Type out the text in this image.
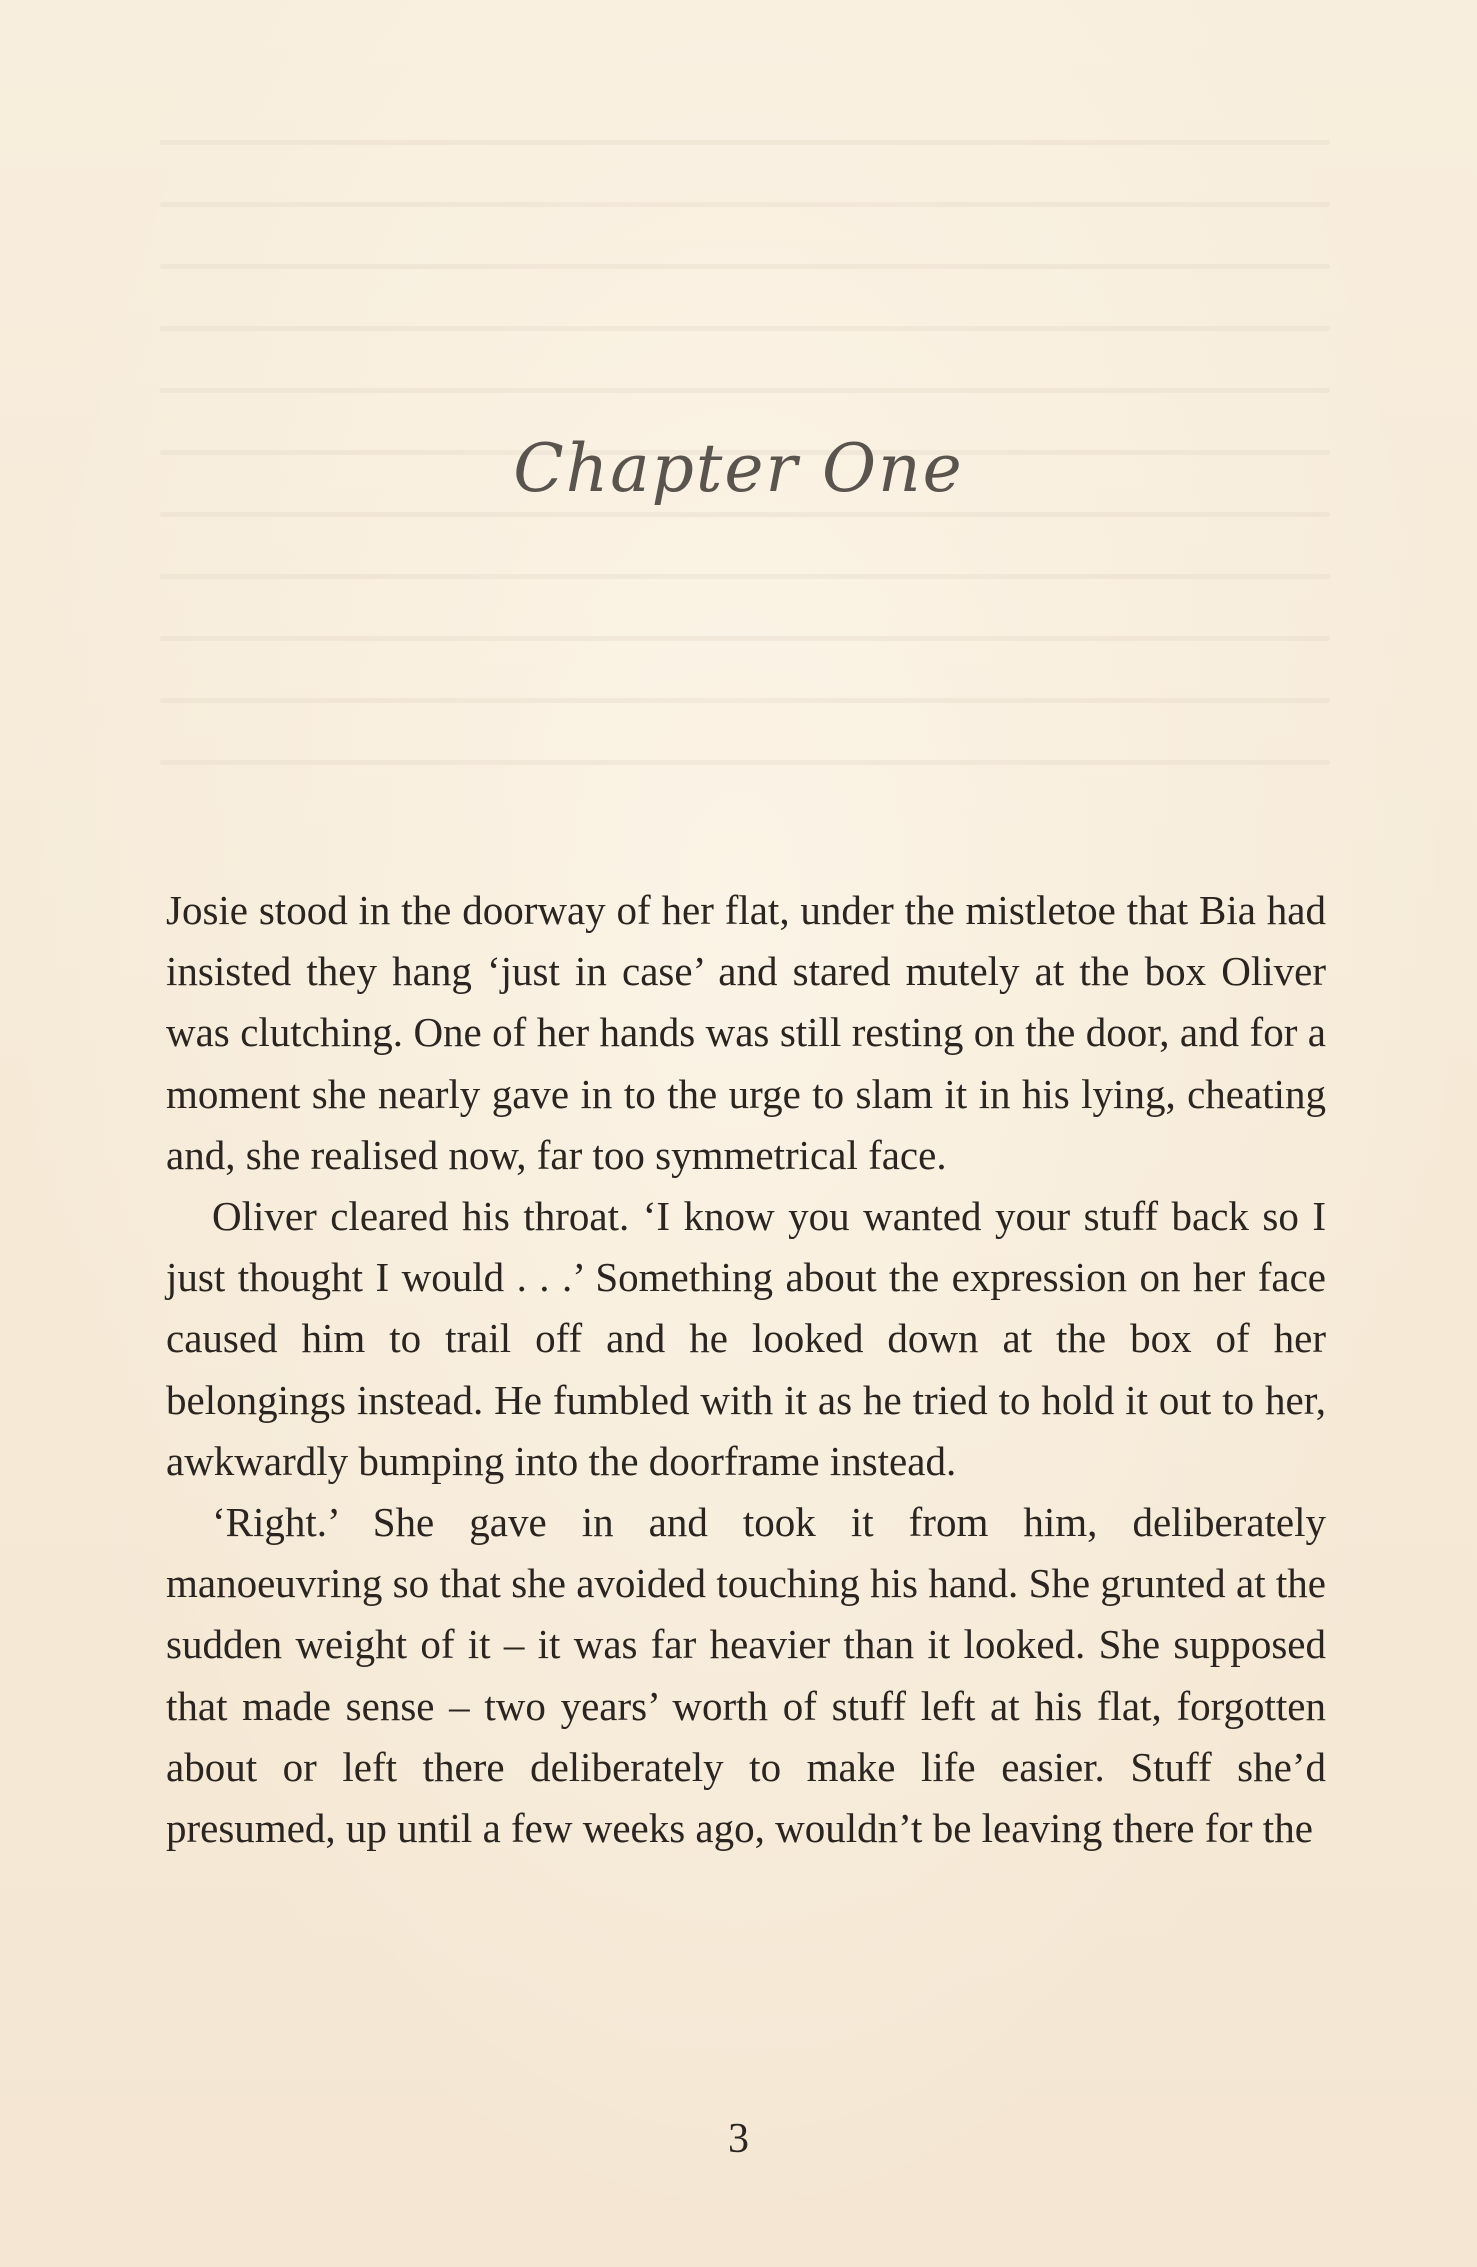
Chapter One

Josie stood in the doorway of her flat, under the mistletoe that Bia had insisted they hang ‘just in case’ and stared mutely at the box Oliver was clutching. One of her hands was still resting on the door, and for a moment she nearly gave in to the urge to slam it in his lying, cheating and, she realised now, far too symmetrical face.

Oliver cleared his throat. ‘I know you wanted your stuff back so I just thought I would . . .’ Something about the expression on her face caused him to trail off and he looked down at the box of her belongings instead. He fumbled with it as he tried to hold it out to her, awkwardly bumping into the doorframe instead.

‘Right.’ She gave in and took it from him, deliberately manoeuvring so that she avoided touching his hand. She grunted at the sudden weight of it – it was far heavier than it looked. She supposed that made sense – two years’ worth of stuff left at his flat, forgotten about or left there deliberately to make life easier. Stuff she’d presumed, up until a few weeks ago, wouldn’t be leaving there for the

3
